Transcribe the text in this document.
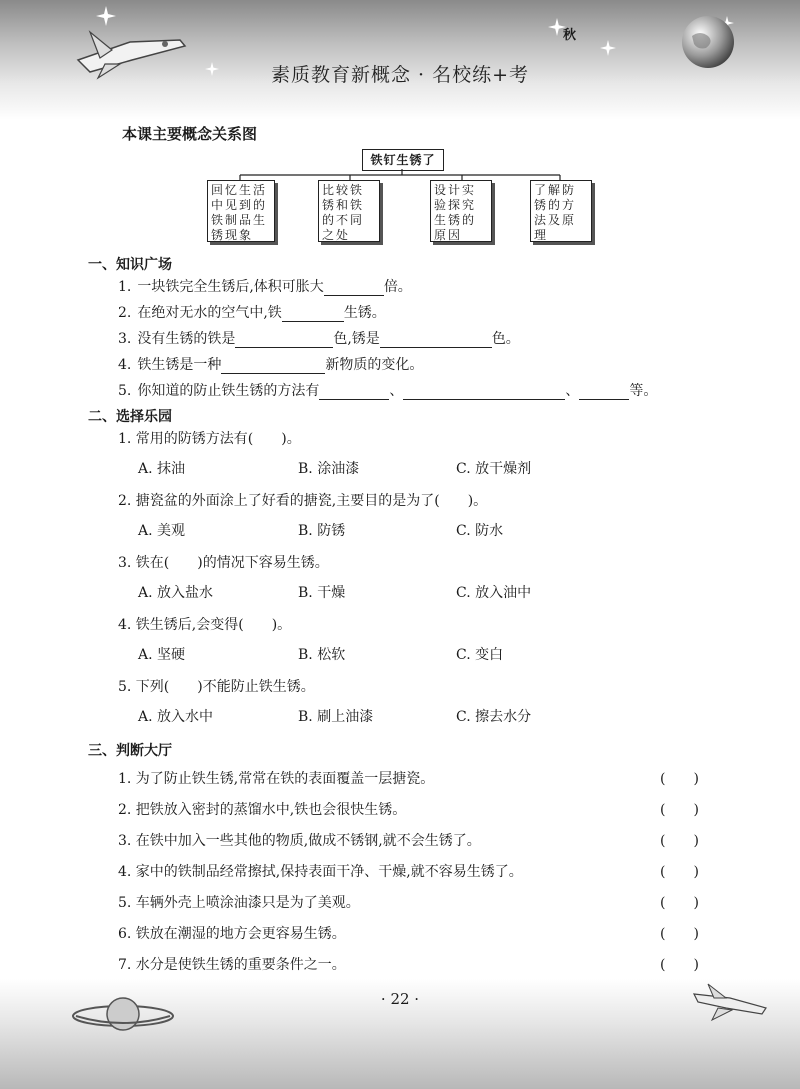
秋
素质教育新概念 · 名校练+考
本课主要概念关系图
铁钉生锈了
回忆生活
中见到的
铁制品生
锈现象
比较铁
锈和铁
的不同
之处
设计实
验探究
生锈的
原因
了解防
锈的方
法及原
理
一、知识广场
1. 一块铁完全生锈后,体积可胀大	倍。
2. 在绝对无水的空气中,铁	生锈。
3. 没有生锈的铁是	色,锈是	色。
4. 铁生锈是一种	新物质的变化。
5. 你知道的防止铁生锈的方法有	、	、	等。
二、选择乐园
1. 常用的防锈方法有(　　)。
A. 抹油	B. 涂油漆	C. 放干燥剂
2. 搪瓷盆的外面涂上了好看的搪瓷,主要目的是为了(　　)。
A. 美观	B. 防锈	C. 防水
3. 铁在(　　)的情况下容易生锈。
A. 放入盐水	B. 干燥	C. 放入油中
4. 铁生锈后,会变得(　　)。
A. 坚硬	B. 松软	C. 变白
5. 下列(　　)不能防止铁生锈。
A. 放入水中	B. 刷上油漆	C. 擦去水分
三、判断大厅
1. 为了防止铁生锈,常常在铁的表面覆盖一层搪瓷。	(　　)
2. 把铁放入密封的蒸馏水中,铁也会很快生锈。	(　　)
3. 在铁中加入一些其他的物质,做成不锈钢,就不会生锈了。	(　　)
4. 家中的铁制品经常擦拭,保持表面干净、干燥,就不容易生锈了。	(　　)
5. 车辆外壳上喷涂油漆只是为了美观。	(　　)
6. 铁放在潮湿的地方会更容易生锈。	(　　)
7. 水分是使铁生锈的重要条件之一。	(　　)
· 22 ·
